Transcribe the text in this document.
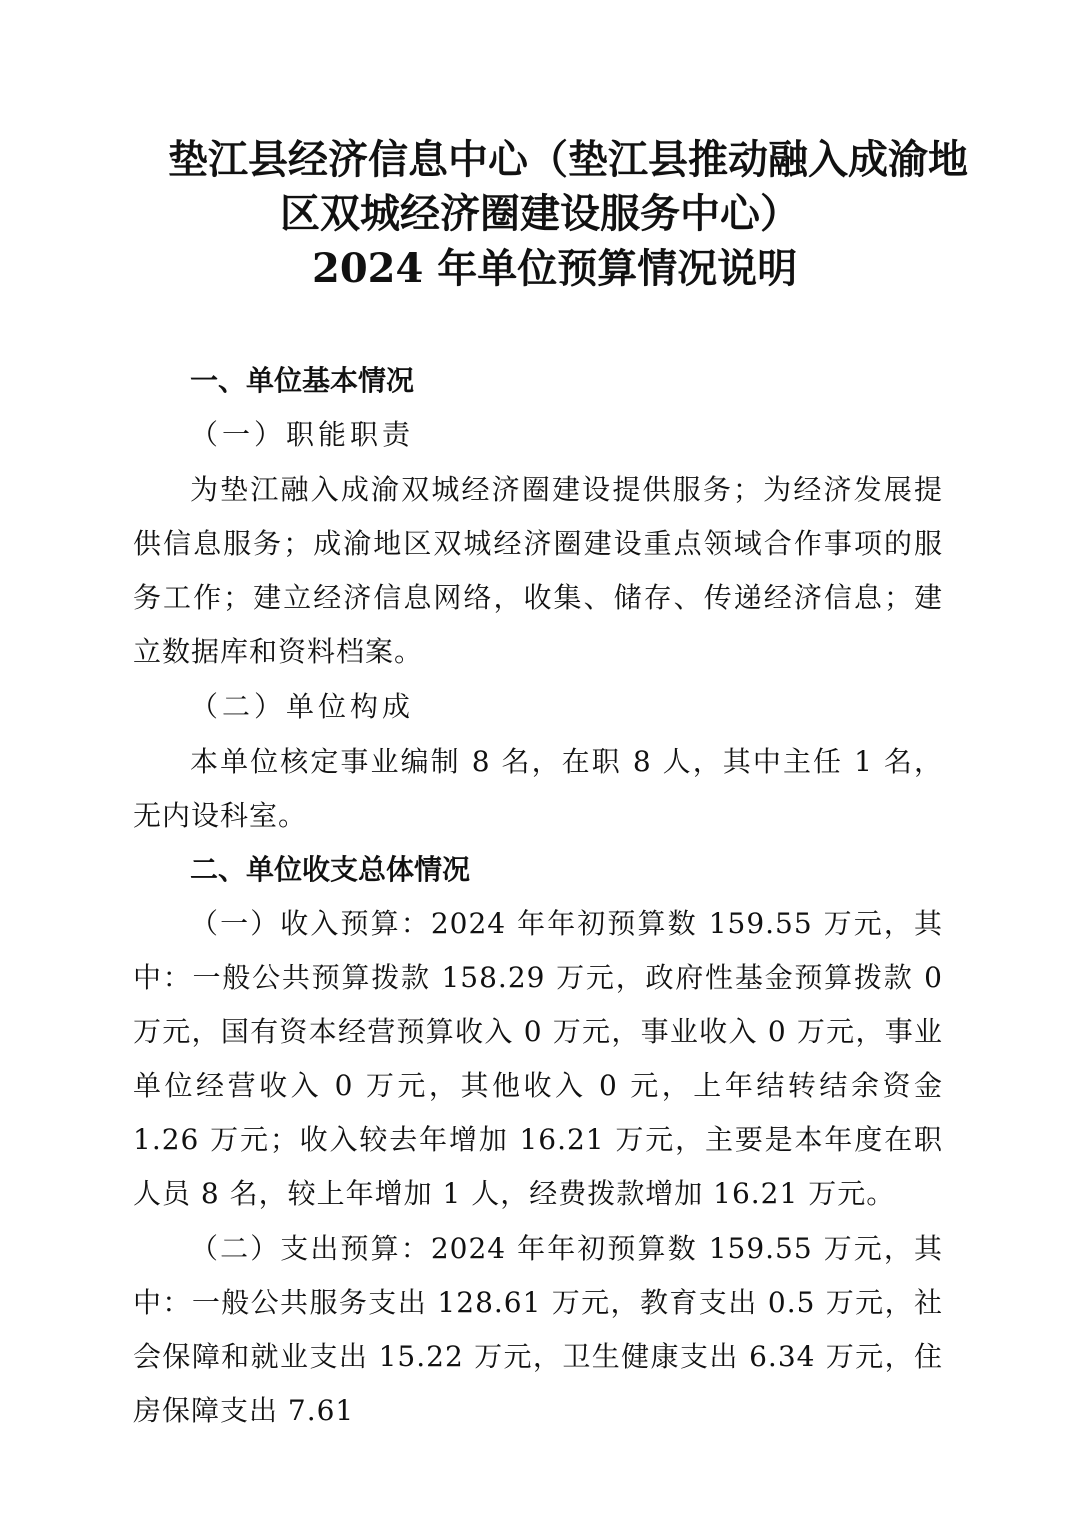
垫江县经济信息中心（垫江县推动融入成渝地
区双城经济圈建设服务中心）
2024 年单位预算情况说明
一、单位基本情况
（一）职能职责
为垫江融入成渝双城经济圈建设提供服务；为经济发展提供信息服务；成渝地区双城经济圈建设重点领域合作事项的服务工作；建立经济信息网络，收集、储存、传递经济信息；建立数据库和资料档案。
（二）单位构成
本单位核定事业编制 8 名，在职 8 人，其中主任 1 名，无内设科室。
二、单位收支总体情况
（一）收入预算：2024 年年初预算数 159.55 万元，其中：一般公共预算拨款 158.29 万元，政府性基金预算拨款 0 万元，国有资本经营预算收入 0 万元，事业收入 0 万元，事业单位经营收入 0 万元，其他收入 0 元，上年结转结余资金 1.26 万元；收入较去年增加 16.21 万元，主要是本年度在职人员 8 名，较上年增加 1 人，经费拨款增加 16.21 万元。
（二）支出预算：2024 年年初预算数 159.55 万元，其中：一般公共服务支出 128.61 万元，教育支出 0.5 万元，社会保障和就业支出 15.22 万元，卫生健康支出 6.34 万元，住房保障支出 7.61
